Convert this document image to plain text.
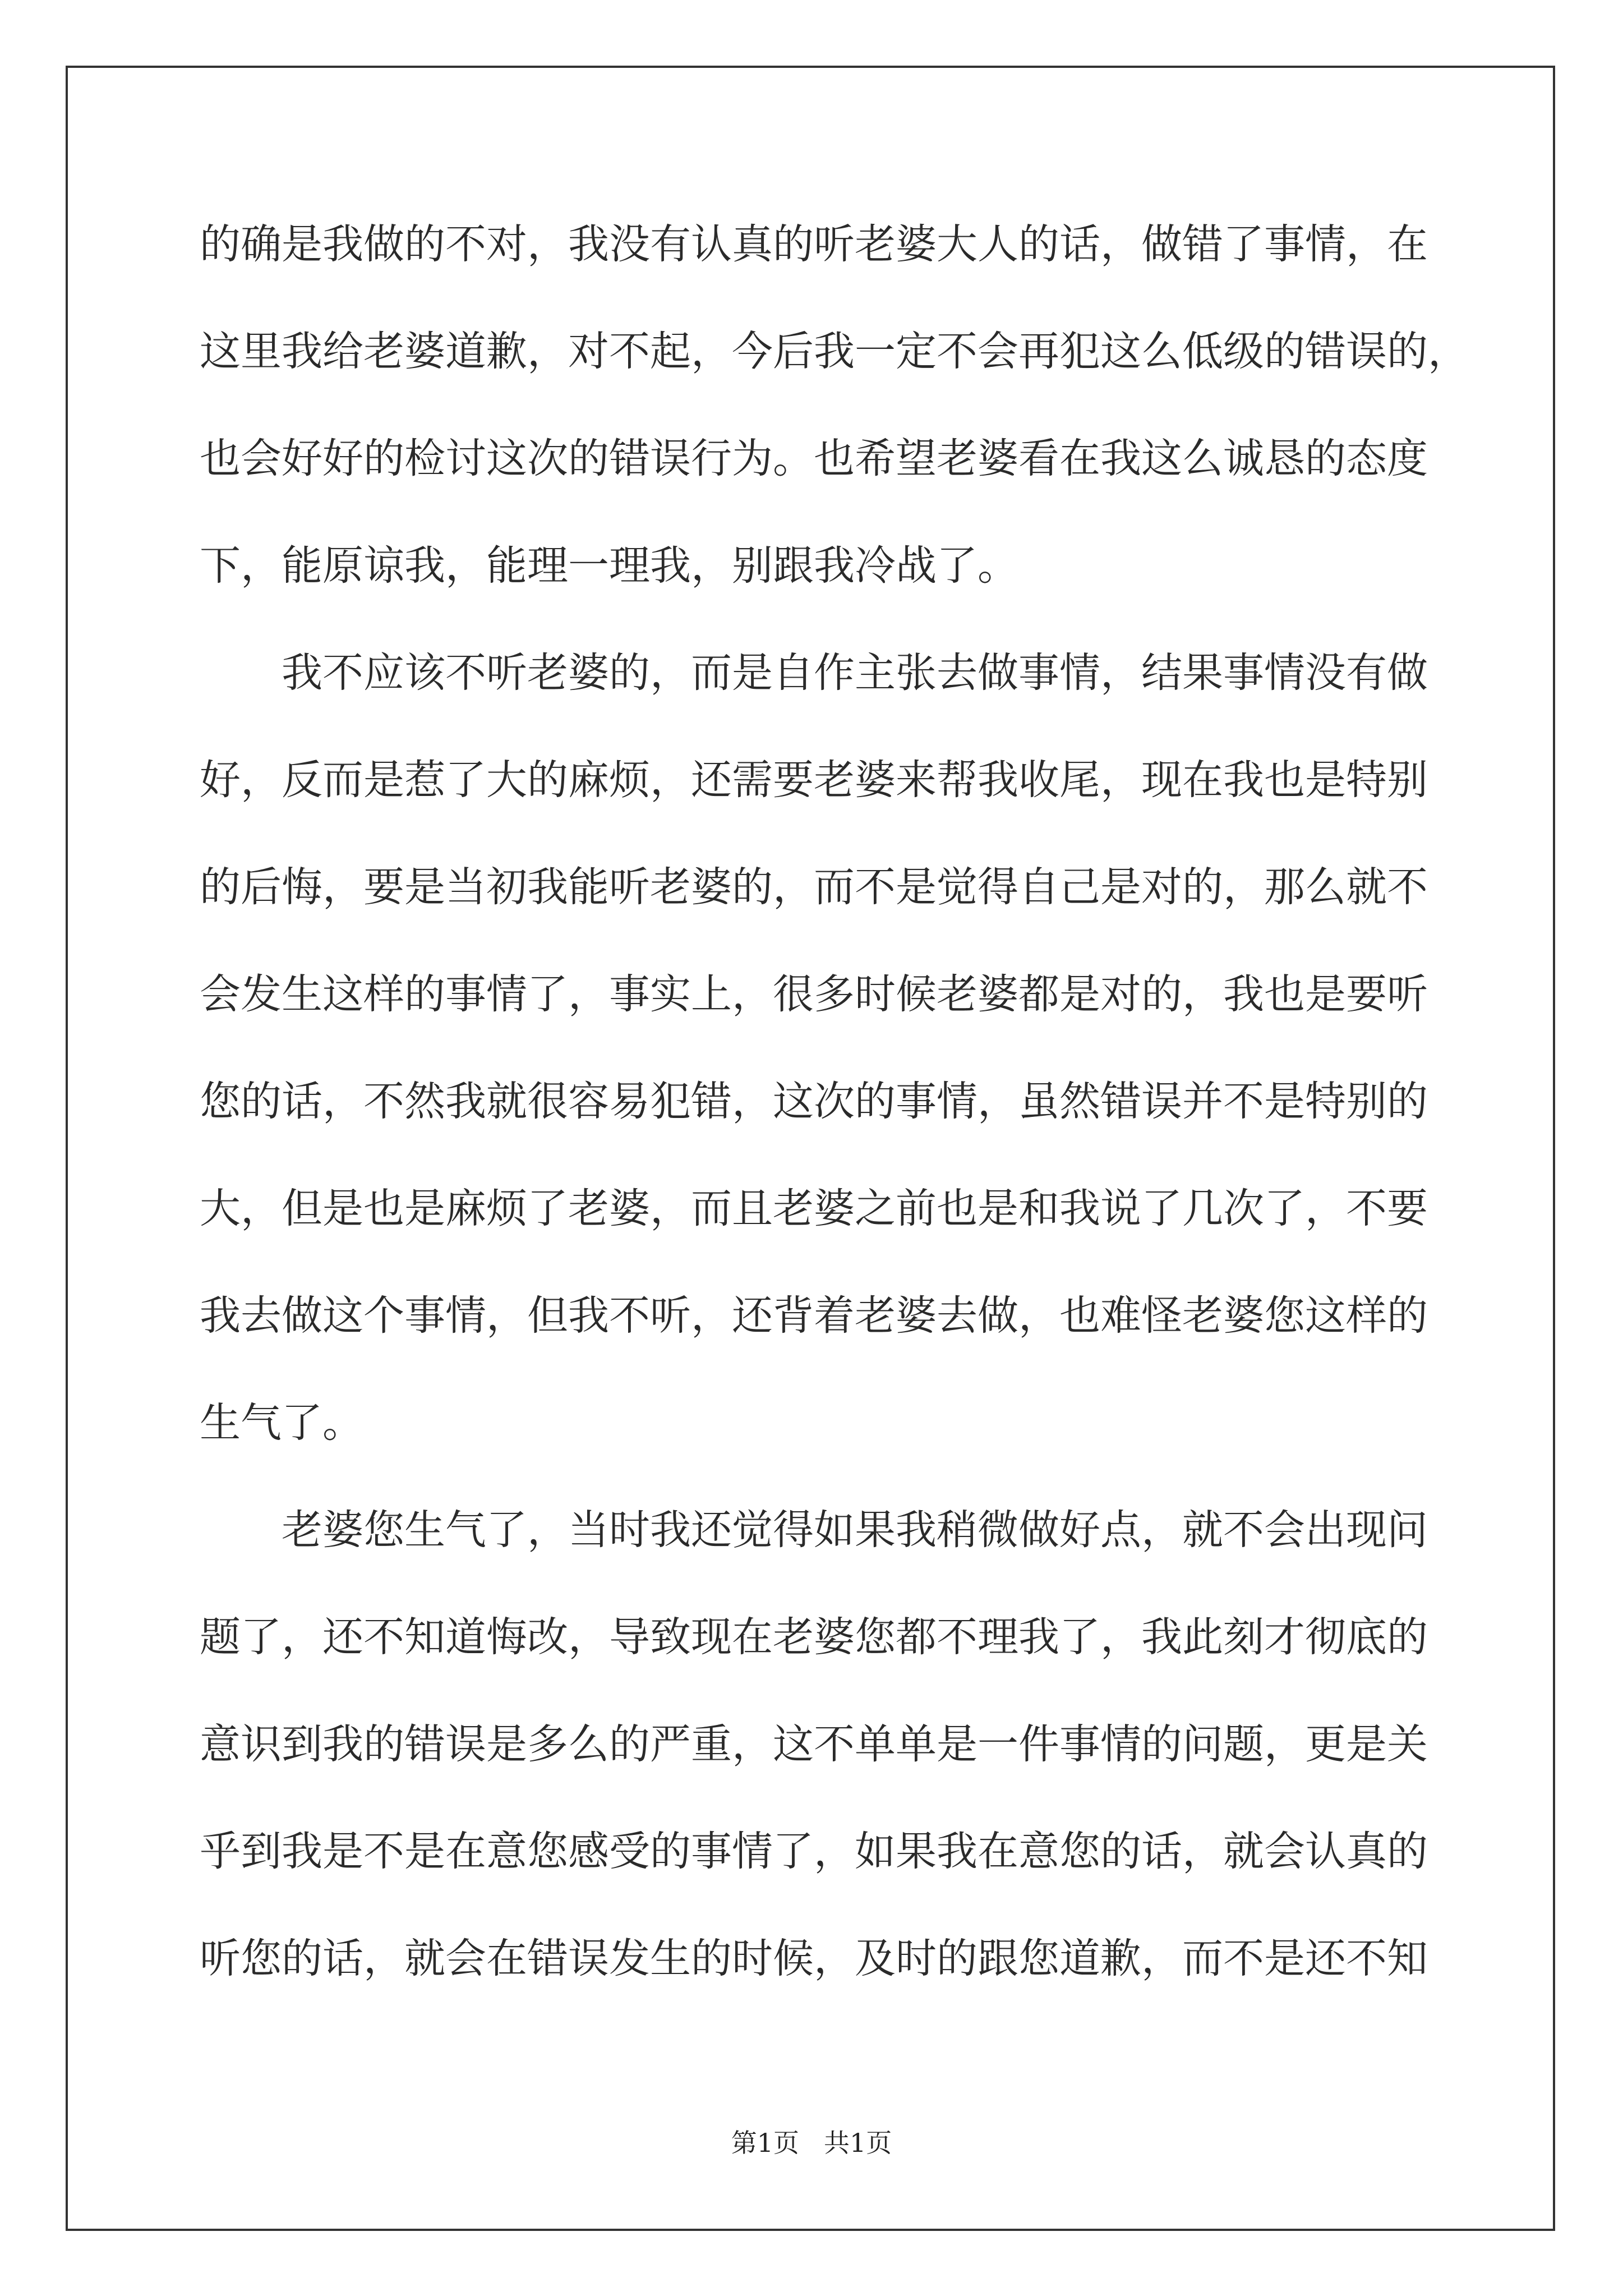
的确是我做的不对，我没有认真的听老婆大人的话，做错了事情，在
这里我给老婆道歉，对不起，今后我一定不会再犯这么低级的错误的，
也会好好的检讨这次的错误行为。也希望老婆看在我这么诚恳的态度
下，能原谅我，能理一理我，别跟我冷战了。
我不应该不听老婆的，而是自作主张去做事情，结果事情没有做
好，反而是惹了大的麻烦，还需要老婆来帮我收尾，现在我也是特别
的后悔，要是当初我能听老婆的，而不是觉得自己是对的，那么就不
会发生这样的事情了，事实上，很多时候老婆都是对的，我也是要听
您的话，不然我就很容易犯错，这次的事情，虽然错误并不是特别的
大，但是也是麻烦了老婆，而且老婆之前也是和我说了几次了，不要
我去做这个事情，但我不听，还背着老婆去做，也难怪老婆您这样的
生气了。
老婆您生气了，当时我还觉得如果我稍微做好点，就不会出现问
题了，还不知道悔改，导致现在老婆您都不理我了，我此刻才彻底的
意识到我的错误是多么的严重，这不单单是一件事情的问题，更是关
乎到我是不是在意您感受的事情了，如果我在意您的话，就会认真的
听您的话，就会在错误发生的时候，及时的跟您道歉，而不是还不知
第1页 共1页
